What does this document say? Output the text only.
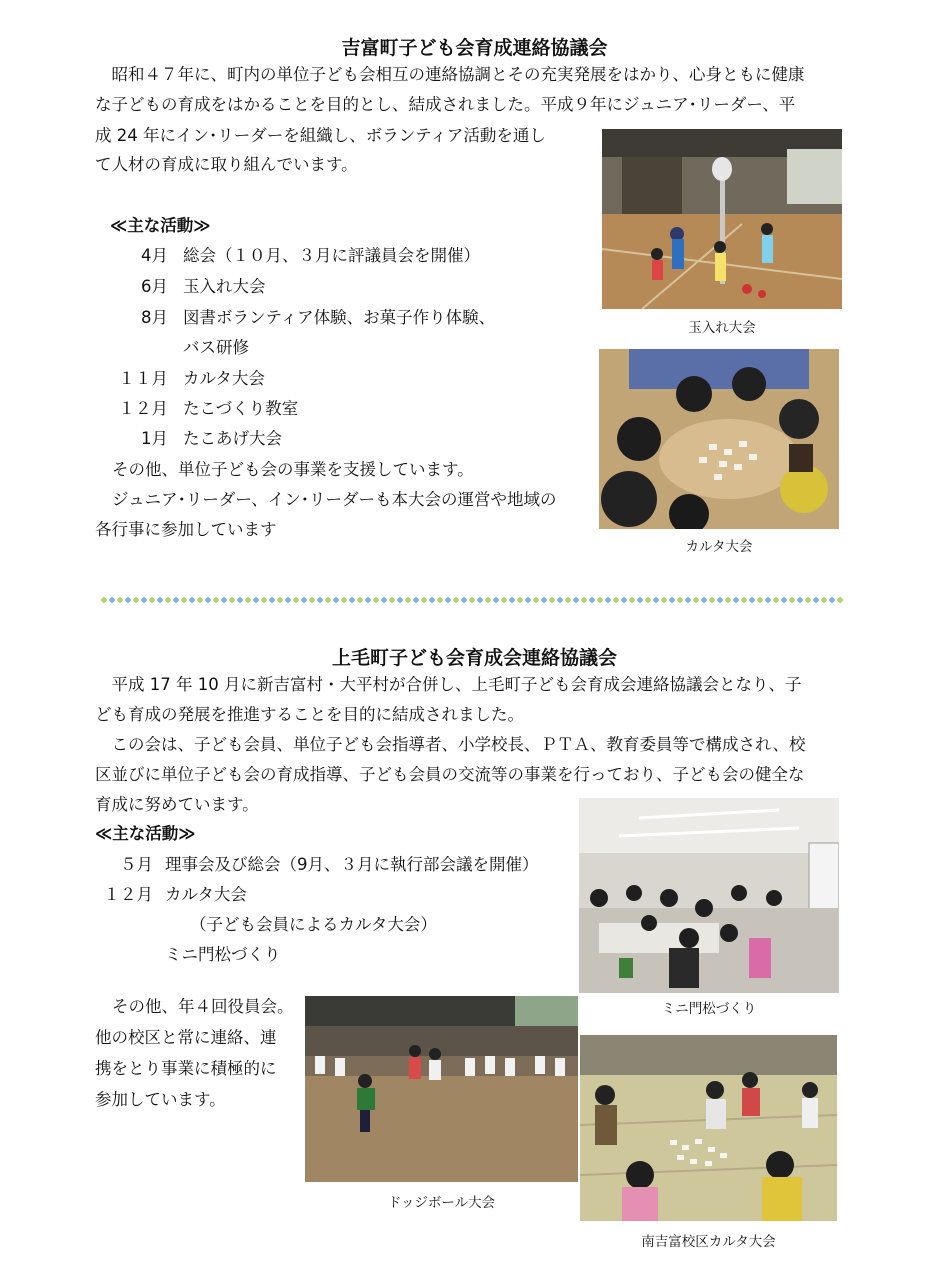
吉富町子ども会育成連絡協議会
　昭和４７年に、町内の単位子ども会相互の連絡協調とその充実発展をはかり、心身ともに健康
な子どもの育成をはかることを目的とし、結成されました。平成９年にジュニア･リーダー、平
成 24 年にイン･リーダーを組織し、ボランティア活動を通し
て人材の育成に取り組んでいます。
≪主な活動≫
4月 総会（１０月、３月に評議員会を開催）
6月 玉入れ大会
8月 図書ボランティア体験、お菓子作り体験、
バス研修
１１月 カルタ大会
１２月 たこづくり教室
1月 たこあげ大会
その他、単位子ども会の事業を支援しています。
ジュニア･リーダー、イン･リーダーも本大会の運営や地域の
各行事に参加しています
玉入れ大会
カルタ大会
上毛町子ども会育成会連絡協議会
　平成 17 年 10 月に新吉富村・大平村が合併し、上毛町子ども会育成会連絡協議会となり、子
ども育成の発展を推進することを目的に結成されました。
　この会は、子ども会員、単位子ども会指導者、小学校長、ＰＴＡ、教育委員等で構成され、校
区並びに単位子ども会の育成指導、子ども会員の交流等の事業を行っており、子ども会の健全な
育成に努めています。
≪主な活動≫
５月 理事会及び総会（9月、３月に執行部会議を開催）
１２月 カルタ大会
（子ども会員によるカルタ大会）
ミニ門松づくり
その他、年４回役員会。
他の校区と常に連絡、連
携をとり事業に積極的に
参加しています。
ミニ門松づくり
ドッジボール大会
南吉富校区カルタ大会
